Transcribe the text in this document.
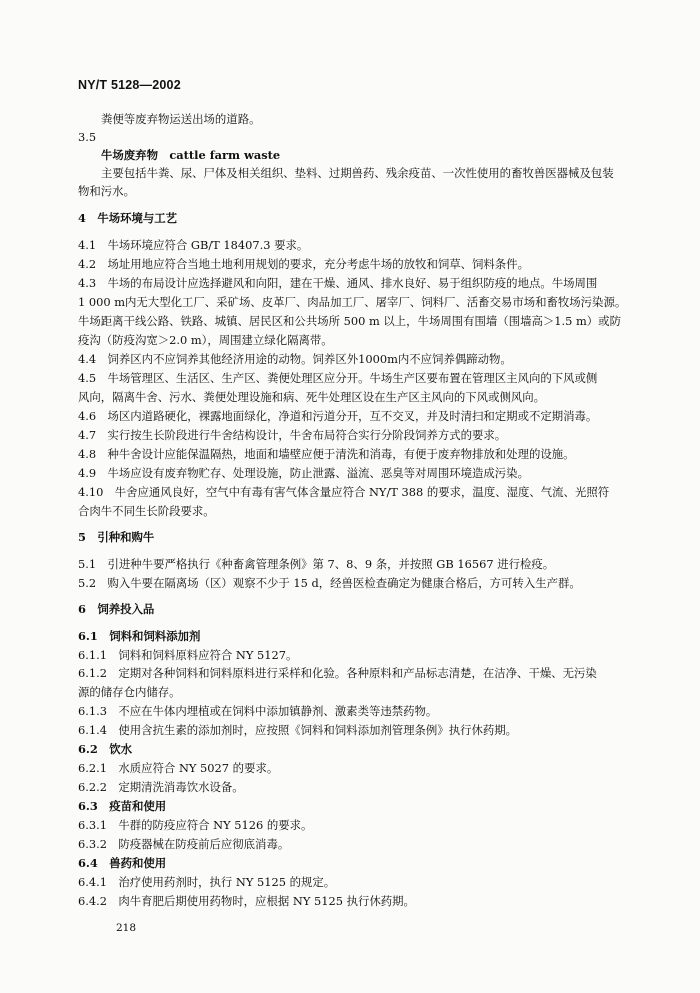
NY/T 5128—2002
粪便等废弃物运送出场的道路。
3.5
牛场废弃物　cattle farm waste
主要包括牛粪、尿、尸体及相关组织、垫料、过期兽药、残余疫苗、一次性使用的畜牧兽医器械及包装
物和污水。
4　牛场环境与工艺
4.1　牛场环境应符合 GB/T 18407.3 要求。
4.2　场址用地应符合当地土地利用规划的要求，充分考虑牛场的放牧和饲草、饲料条件。
4.3　牛场的布局设计应选择避风和向阳，建在干燥、通风、排水良好、易于组织防疫的地点。牛场周围
1 000 m内无大型化工厂、采矿场、皮革厂、肉品加工厂、屠宰厂、饲料厂、活畜交易市场和畜牧场污染源。
牛场距离干线公路、铁路、城镇、居民区和公共场所 500 m 以上，牛场周围有围墙（围墙高＞1.5 m）或防
疫沟（防疫沟宽＞2.0 m），周围建立绿化隔离带。
4.4　饲养区内不应饲养其他经济用途的动物。饲养区外1000m内不应饲养偶蹄动物。
4.5　牛场管理区、生活区、生产区、粪便处理区应分开。牛场生产区要布置在管理区主风向的下风或侧
风向，隔离牛舍、污水、粪便处理设施和病、死牛处理区设在生产区主风向的下风或侧风向。
4.6　场区内道路硬化，裸露地面绿化，净道和污道分开，互不交叉，并及时清扫和定期或不定期消毒。
4.7　实行按生长阶段进行牛舍结构设计，牛舍布局符合实行分阶段饲养方式的要求。
4.8　种牛舍设计应能保温隔热，地面和墙壁应便于清洗和消毒，有便于废弃物排放和处理的设施。
4.9　牛场应设有废弃物贮存、处理设施，防止泄露、溢流、恶臭等对周围环境造成污染。
4.10　牛舍应通风良好，空气中有毒有害气体含量应符合 NY/T 388 的要求，温度、湿度、气流、光照符
合肉牛不同生长阶段要求。
5　引种和购牛
5.1　引进种牛要严格执行《种畜禽管理条例》第 7、8、9 条，并按照 GB 16567 进行检疫。
5.2　购入牛要在隔离场（区）观察不少于 15 d，经兽医检查确定为健康合格后，方可转入生产群。
6　饲养投入品
6.1　饲料和饲料添加剂
6.1.1　饲料和饲料原料应符合 NY 5127。
6.1.2　定期对各种饲料和饲料原料进行采样和化验。各种原料和产品标志清楚，在洁净、干燥、无污染
源的储存仓内储存。
6.1.3　不应在牛体内埋植或在饲料中添加镇静剂、激素类等违禁药物。
6.1.4　使用含抗生素的添加剂时，应按照《饲料和饲料添加剂管理条例》执行休药期。
6.2　饮水
6.2.1　水质应符合 NY 5027 的要求。
6.2.2　定期清洗消毒饮水设备。
6.3　疫苗和使用
6.3.1　牛群的防疫应符合 NY 5126 的要求。
6.3.2　防疫器械在防疫前后应彻底消毒。
6.4　兽药和使用
6.4.1　治疗使用药剂时，执行 NY 5125 的规定。
6.4.2　肉牛育肥后期使用药物时，应根据 NY 5125 执行休药期。
218
